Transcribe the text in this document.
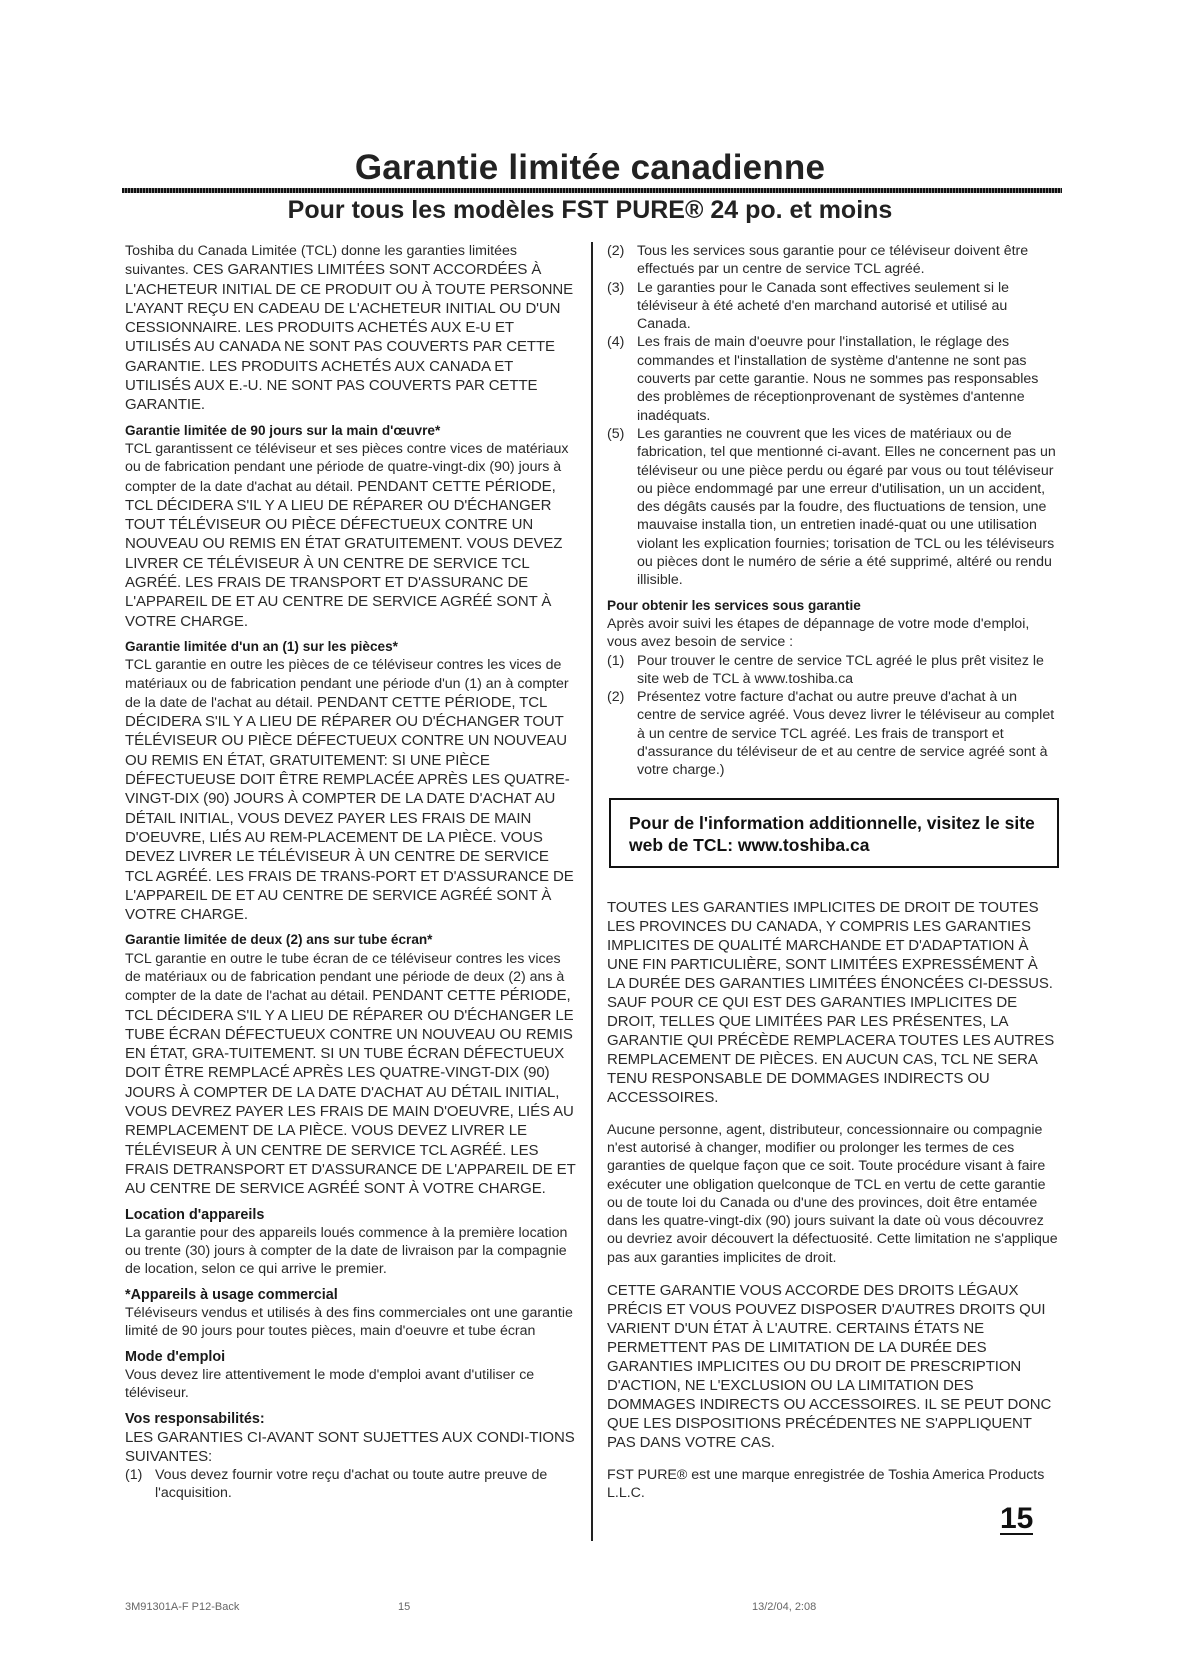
Garantie limitée canadienne
Pour tous les modèles FST PURE® 24 po. et moins

Toshiba du Canada Limitée (TCL) donne les garanties limitées suivantes. CES GARANTIES LIMITÉES SONT ACCORDÉES À L'ACHETEUR INITIAL DE CE PRODUIT OU À TOUTE PERSONNE L'AYANT REÇU EN CADEAU DE L'ACHETEUR INITIAL OU D'UN CESSIONNAIRE. LES PRODUITS ACHETÉS AUX E-U ET UTILISÉS AU CANADA NE SONT PAS COUVERTS PAR CETTE GARANTIE. LES PRODUITS ACHETÉS AUX CANADA ET UTILISÉS AUX E.-U. NE SONT PAS COUVERTS PAR CETTE GARANTIE.

Garantie limitée de 90 jours sur la main d'œuvre*

TCL garantissent ce téléviseur et ses pièces contre vices de matériaux ou de fabrication pendant une période de quatre-vingt-dix (90) jours à compter de la date d'achat au détail. PENDANT CETTE PÉRIODE, TCL DÉCIDERA S'IL Y A LIEU DE RÉPARER OU D'ÉCHANGER TOUT TÉLÉVISEUR OU PIÈCE DÉFECTUEUX CONTRE UN NOUVEAU OU REMIS EN ÉTAT GRATUITEMENT. VOUS DEVEZ LIVRER CE TÉLÉVISEUR À UN CENTRE DE SERVICE TCL AGRÉÉ. LES FRAIS DE TRANSPORT ET D'ASSURANC DE L'APPAREIL DE ET AU CENTRE DE SERVICE AGRÉÉ SONT À VOTRE CHARGE.

Garantie limitée d'un an (1) sur les pièces*

TCL garantie en outre les pièces de ce téléviseur contres les vices de matériaux ou de fabrication pendant une période d'un (1) an à compter de la date de l'achat au détail. PENDANT CETTE PÉRIODE, TCL DÉCIDERA S'IL Y A LIEU DE RÉPARER OU D'ÉCHANGER TOUT TÉLÉVISEUR OU PIÈCE DÉFECTUEUX CONTRE UN NOUVEAU OU REMIS EN ÉTAT, GRATUITEMENT: SI UNE PIÈCE DÉFECTUEUSE DOIT ÊTRE REMPLACÉE APRÈS LES QUATRE-VINGT-DIX (90) JOURS À COMPTER DE LA DATE D'ACHAT AU DÉTAIL INITIAL, VOUS DEVEZ PAYER LES FRAIS DE MAIN D'OEUVRE, LIÉS AU REM-PLACEMENT DE LA PIÈCE. VOUS DEVEZ LIVRER LE TÉLÉVISEUR À UN CENTRE DE SERVICE TCL AGRÉÉ. LES FRAIS DE TRANS-PORT ET D'ASSURANCE DE L'APPAREIL DE ET AU CENTRE DE SERVICE AGRÉÉ SONT À VOTRE CHARGE.

Garantie limitée de deux (2) ans sur tube écran*

TCL garantie en outre le tube écran de ce téléviseur contres les vices de matériaux ou de fabrication pendant une période de deux (2) ans à compter de la date de l'achat au détail. PENDANT CETTE PÉRIODE, TCL DÉCIDERA S'IL Y A LIEU DE RÉPARER OU D'ÉCHANGER LE TUBE ÉCRAN DÉFECTUEUX CONTRE UN NOUVEAU OU REMIS EN ÉTAT, GRA-TUITEMENT. SI UN TUBE ÉCRAN DÉFECTUEUX DOIT ÊTRE REMPLACÉ APRÈS LES QUATRE-VINGT-DIX (90) JOURS À COMPTER DE LA DATE D'ACHAT AU DÉTAIL INITIAL, VOUS DEVREZ PAYER LES FRAIS DE MAIN D'OEUVRE, LIÉS AU REMPLACEMENT DE LA PIÈCE. VOUS DEVEZ LIVRER LE TÉLÉVISEUR À UN CENTRE DE SERVICE TCL AGRÉÉ. LES FRAIS DETRANSPORT ET D'ASSURANCE DE L'APPAREIL DE ET AU CENTRE DE SERVICE AGRÉÉ SONT À VOTRE CHARGE.

Location d'appareils

La garantie pour des appareils loués commence à la première location ou trente (30) jours à compter de la date de livraison par la compagnie de location, selon ce qui arrive le premier.

*Appareils à usage commercial

Téléviseurs vendus et utilisés à des fins commerciales ont une garantie limité de 90 jours pour toutes pièces, main d'oeuvre et tube écran

Mode d'emploi

Vous devez lire attentivement le mode d'emploi avant d'utiliser ce téléviseur.

Vos responsabilités:

LES GARANTIES CI-AVANT SONT SUJETTES AUX CONDI-TIONS SUIVANTES:

(1) Vous devez fournir votre reçu d'achat ou toute autre preuve de l'acquisition.
(2) Tous les services sous garantie pour ce téléviseur doivent être effectués par un centre de service TCL agréé.
(3) Le garanties pour le Canada sont effectives seulement si le téléviseur à été acheté d'en marchand autorisé et utilisé au Canada.
(4) Les frais de main d'oeuvre pour l'installation, le réglage des commandes et l'installation de système d'antenne ne sont pas couverts par cette garantie. Nous ne sommes pas responsables des problèmes de réceptionprovenant de systèmes d'antenne inadéquats.
(5) Les garanties ne couvrent que les vices de matériaux ou de fabrication, tel que mentionné ci-avant. Elles ne concernent pas un téléviseur ou une pièce perdu ou égaré par vous ou tout téléviseur ou pièce endommagé par une erreur d'utilisation, un un accident, des dégâts causés par la foudre, des fluctuations de tension, une mauvaise installa tion, un entretien inadé-quat ou une utilisation violant les explication fournies; torisation de TCL ou les téléviseurs ou pièces dont le numéro de série a été supprimé, altéré ou rendu illisible.

Pour obtenir les services sous garantie

Après avoir suivi les étapes de dépannage de votre mode d'emploi, vous avez besoin de service :

(1) Pour trouver le centre de service TCL agréé le plus prêt visitez le site web de TCL à www.toshiba.ca
(2) Présentez votre facture d'achat ou autre preuve d'achat à un centre de service agréé. Vous devez livrer le téléviseur au complet à un centre de service TCL agréé. Les frais de transport et d'assurance du téléviseur de et au centre de service agréé sont à votre charge.)
Pour de l'information additionnelle, visitez le site web de TCL: www.toshiba.ca

TOUTES LES GARANTIES IMPLICITES DE DROIT DE TOUTES LES PROVINCES DU CANADA, Y COMPRIS LES GARANTIES IMPLICITES DE QUALITÉ MARCHANDE ET D'ADAPTATION À UNE FIN PARTICULIÈRE, SONT LIMITÉES EXPRESSÉMENT À LA DURÉE DES GARANTIES LIMITÉES ÉNONCÉES CI-DESSUS. SAUF POUR CE QUI EST DES GARANTIES IMPLICITES DE DROIT, TELLES QUE LIMITÉES PAR LES PRÉSENTES, LA GARANTIE QUI PRÉCÈDE REMPLACERA TOUTES LES AUTRES REMPLACEMENT DE PIÈCES. EN AUCUN CAS, TCL NE SERA TENU RESPONSABLE DE DOMMAGES INDIRECTS OU ACCESSOIRES.

Aucune personne, agent, distributeur, concessionnaire ou compagnie n'est autorisé à changer, modifier ou prolonger les termes de ces garanties de quelque façon que ce soit. Toute procédure visant à faire exécuter une obligation quelconque de TCL en vertu de cette garantie ou de toute loi du Canada ou d'une des provinces, doit être entamée dans les quatre-vingt-dix (90) jours suivant la date où vous découvrez ou devriez avoir découvert la défectuosité. Cette limitation ne s'applique pas aux garanties implicites de droit.

CETTE GARANTIE VOUS ACCORDE DES DROITS LÉGAUX PRÉCIS ET VOUS POUVEZ DISPOSER D'AUTRES DROITS QUI VARIENT D'UN ÉTAT À L'AUTRE. CERTAINS ÉTATS NE PERMETTENT PAS DE LIMITATION DE LA DURÉE DES GARANTIES IMPLICITES OU DU DROIT DE PRESCRIPTION D'ACTION, NE L'EXCLUSION OU LA LIMITATION DES DOMMAGES INDIRECTS OU ACCESSOIRES. IL SE PEUT DONC QUE LES DISPOSITIONS PRÉCÉDENTES NE S'APPLIQUENT PAS DANS VOTRE CAS.

FST PURE® est une marque enregistrée de Toshia America Products L.L.C.

15
3M91301A-F P12-Back	15	13/2/04, 2:08
